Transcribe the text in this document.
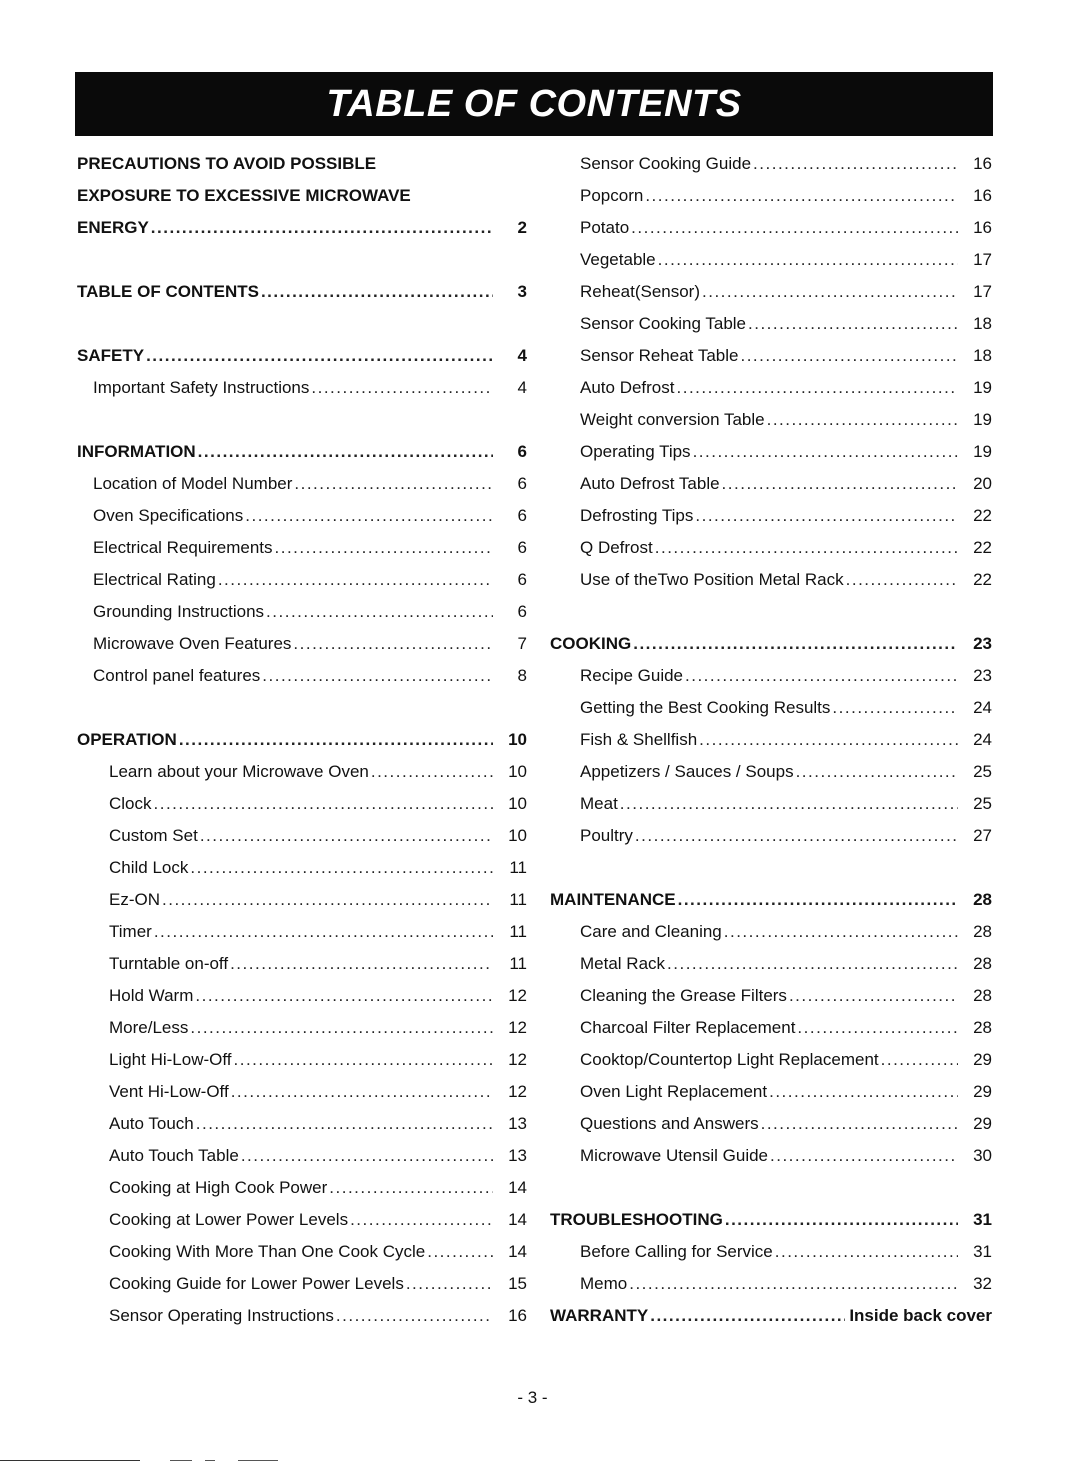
TABLE OF CONTENTS
PRECAUTIONS TO AVOID POSSIBLE
EXPOSURE TO EXCESSIVE MICROWAVE
ENERGY .....	2
TABLE OF CONTENTS .....	3
SAFETY .....	4
Important Safety Instructions .....	4
INFORMATION .....	6
Location of Model Number .....	6
Oven Specifications .....	6
Electrical Requirements .....	6
Electrical Rating .....	6
Grounding Instructions .....	6
Microwave Oven Features .....	7
Control panel features .....	8
OPERATION .....	10
Learn about your Microwave Oven .....	10
Clock .....	10
Custom Set .....	10
Child Lock .....	11
Ez-ON .....	11
Timer .....	11
Turntable on-off .....	11
Hold Warm .....	12
More/Less .....	12
Light Hi-Low-Off .....	12
Vent Hi-Low-Off .....	12
Auto Touch .....	13
Auto Touch Table .....	13
Cooking at High Cook Power .....	14
Cooking at Lower Power Levels .....	14
Cooking With More Than One Cook Cycle .....	14
Cooking Guide for Lower Power Levels .....	15
Sensor Operating Instructions .....	16
Sensor Cooking Guide .....	16
Popcorn .....	16
Potato .....	16
Vegetable .....	17
Reheat(Sensor) .....	17
Sensor Cooking Table .....	18
Sensor Reheat Table .....	18
Auto Defrost .....	19
Weight conversion Table .....	19
Operating Tips .....	19
Auto Defrost Table .....	20
Defrosting Tips .....	22
Q Defrost .....	22
Use of theTwo Position Metal Rack .....	22
COOKING .....	23
Recipe Guide .....	23
Getting the Best Cooking Results .....	24
Fish & Shellfish .....	24
Appetizers / Sauces / Soups .....	25
Meat .....	25
Poultry .....	27
MAINTENANCE .....	28
Care and Cleaning .....	28
Metal Rack .....	28
Cleaning the Grease Filters .....	28
Charcoal Filter Replacement .....	28
Cooktop/Countertop Light Replacement .....	29
Oven Light Replacement .....	29
Questions and Answers .....	29
Microwave Utensil Guide .....	30
TROUBLESHOOTING .....	31
Before Calling for Service .....	31
Memo .....	32
WARRANTY .....	Inside back cover
- 3 -
